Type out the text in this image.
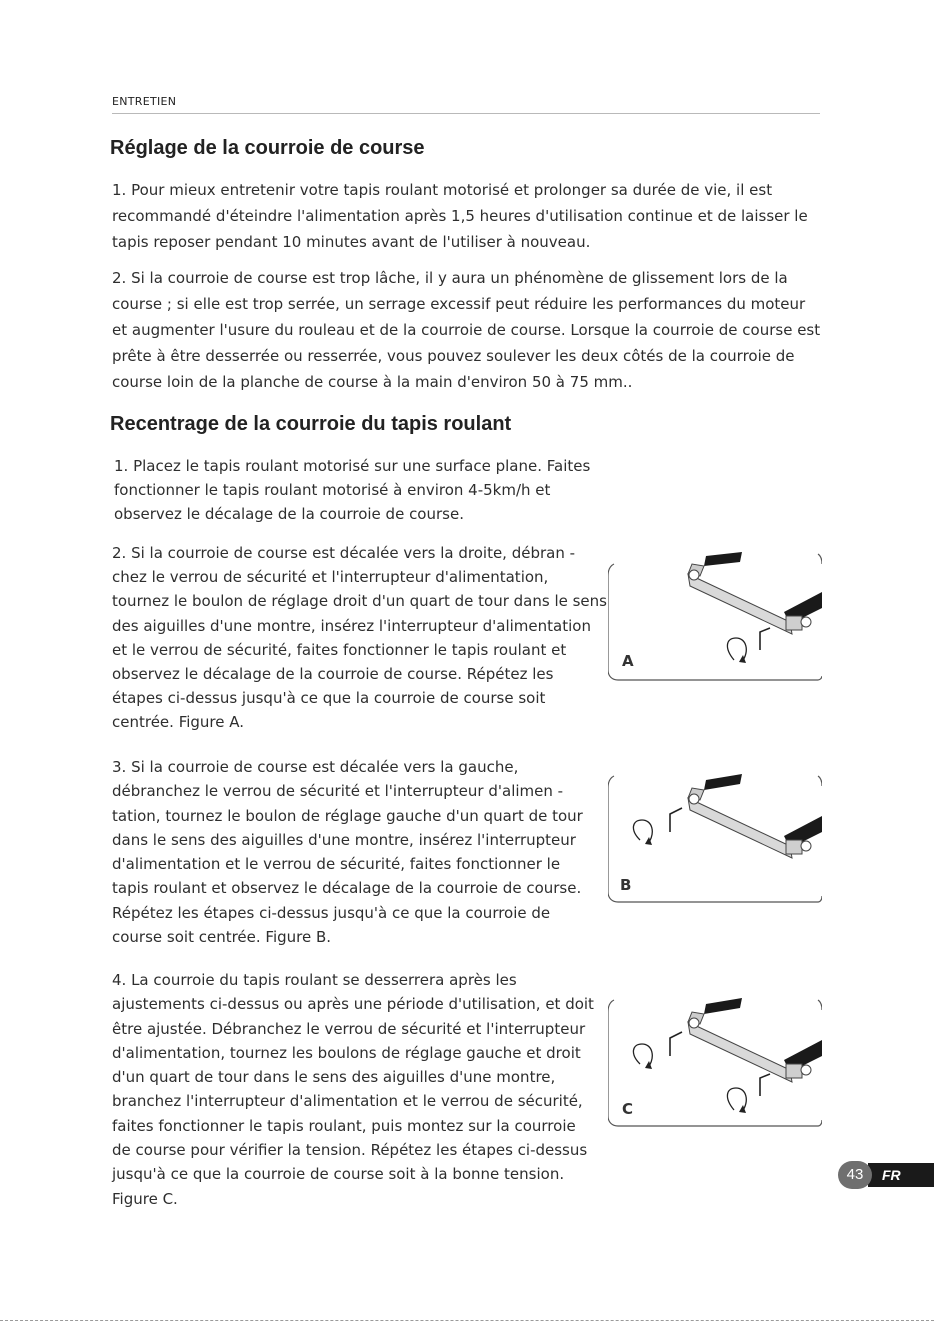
ENTRETIEN
Réglage de la courroie de course

1. Pour mieux entretenir votre tapis roulant motorisé et prolonger sa durée de vie, il est recommandé d'éteindre l'alimentation après 1,5 heures d'utilisation continue et de laisser le tapis reposer pendant 10 minutes avant de l'utiliser à nouveau.

2. Si la courroie de course est trop lâche, il y aura un phénomène de glissement lors de la course ; si elle est trop serrée, un serrage excessif peut réduire les performances du moteur et augmenter l'usure du rouleau et de la courroie de course. Lorsque la courroie de course est prête à être desserrée ou resserrée, vous pouvez soulever les deux côtés de la courroie de course loin de la planche de course à la main d'environ 50 à 75 mm..

Recentrage de la courroie du tapis roulant

1. Placez le tapis roulant motorisé sur une surface plane. Faites fonctionner le tapis roulant motorisé à environ 4-5km/h et observez le décalage de la courroie de course.

2. Si la courroie de course est décalée vers la droite, débran -chez le verrou de sécurité et l'interrupteur d'alimentation, tournez le boulon de réglage droit d'un quart de tour dans le sens des aiguilles d'une montre, insérez l'interrupteur d'alimentation et le verrou de sécurité, faites fonctionner le tapis roulant et observez le décalage de la courroie de course. Répétez les étapes ci-dessus jusqu'à ce que la courroie de course soit centrée. Figure A.

3. Si la courroie de course est décalée vers la gauche, débranchez le verrou de sécurité et l'interrupteur d'alimen -tation, tournez le boulon de réglage gauche d'un quart de tour dans le sens des aiguilles d'une montre, insérez l'interrupteur d'alimentation et le verrou de sécurité, faites fonctionner le tapis roulant et observez le décalage de la courroie de course. Répétez les étapes ci-dessus jusqu'à ce que la courroie de course soit centrée. Figure B.

4. La courroie du tapis roulant se desserrera après les ajustements ci-dessus ou après une période d'utilisation, et doit être ajustée. Débranchez le verrou de sécurité et l'interrupteur d'alimentation, tournez les boulons de réglage gauche et droit d'un quart de tour dans le sens des aiguilles d'une montre, branchez l'interrupteur d'alimentation et le verrou de sécurité, faites fonctionner le tapis roulant, puis montez sur la courroie de course pour vérifier la tension. Répétez les étapes ci-dessus jusqu'à ce que la courroie de course soit à la bonne tension. Figure C.

A
B
C
FR
43
